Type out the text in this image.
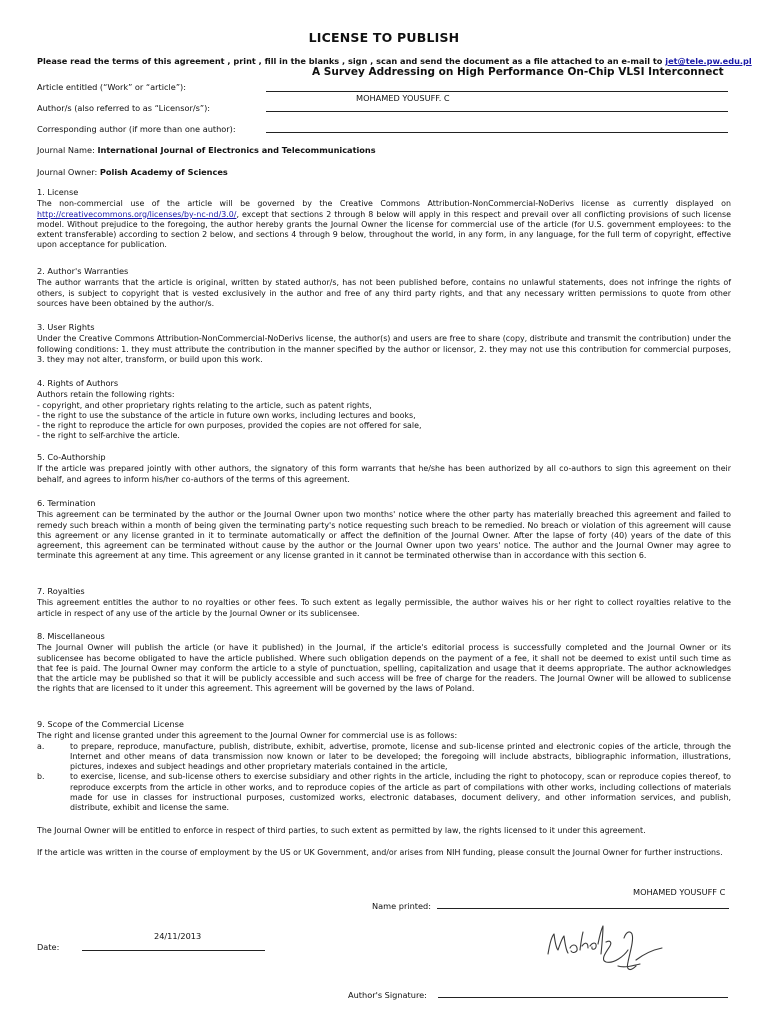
LICENSE TO PUBLISH
Please read the terms of this agreement , print , fill in the blanks , sign , scan and send the document as a file attached to an e-mail to jet@tele.pw.edu.pl
A Survey Addressing on High Performance On-Chip VLSI Interconnect
Article entitled (“Work” or “article”):
MOHAMED YOUSUFF. C
Author/s (also referred to as “Licensor/s”):
Corresponding author (if more than one author):
Journal Name: International Journal of Electronics and Telecommunications
Journal Owner: Polish Academy of Sciences
1. License

The non-commercial use of the article will be governed by the Creative Commons Attribution-NonCommercial-NoDerivs license as currently displayed on http://creativecommons.org/licenses/by-nc-nd/3.0/, except that sections 2 through 8 below will apply in this respect and prevail over all conflicting provisions of such license model. Without prejudice to the foregoing, the author hereby grants the Journal Owner the license for commercial use of the article (for U.S. government employees: to the extent transferable) according to section 2 below, and sections 4 through 9 below, throughout the world, in any form, in any language, for the full term of copyright, effective upon acceptance for publication.

2. Author's Warranties

The author warrants that the article is original, written by stated author/s, has not been published before, contains no unlawful statements, does not infringe the rights of others, is subject to copyright that is vested exclusively in the author and free of any third party rights, and that any necessary written permissions to quote from other sources have been obtained by the author/s.

3. User Rights

Under the Creative Commons Attribution-NonCommercial-NoDerivs license, the author(s) and users are free to share (copy, distribute and transmit the contribution) under the following conditions: 1. they must attribute the contribution in the manner specified by the author or licensor, 2. they may not use this contribution for commercial purposes, 3. they may not alter, transform, or build upon this work.

4. Rights of Authors

Authors retain the following rights:

- copyright, and other proprietary rights relating to the article, such as patent rights,
- the right to use the substance of the article in future own works, including lectures and books,
- the right to reproduce the article for own purposes, provided the copies are not offered for sale,
- the right to self-archive the article.
5. Co-Authorship

If the article was prepared jointly with other authors, the signatory of this form warrants that he/she has been authorized by all co-authors to sign this agreement on their behalf, and agrees to inform his/her co-authors of the terms of this agreement.

6. Termination

This agreement can be terminated by the author or the Journal Owner upon two months' notice where the other party has materially breached this agreement and failed to remedy such breach within a month of being given the terminating party's notice requesting such breach to be remedied. No breach or violation of this agreement will cause this agreement or any license granted in it to terminate automatically or affect the definition of the Journal Owner. After the lapse of forty (40) years of the date of this agreement, this agreement can be terminated without cause by the author or the Journal Owner upon two years' notice. The author and the Journal Owner may agree to terminate this agreement at any time. This agreement or any license granted in it cannot be terminated otherwise than in accordance with this section 6.

7. Royalties

This agreement entitles the author to no royalties or other fees. To such extent as legally permissible, the author waives his or her right to collect royalties relative to the article in respect of any use of the article by the Journal Owner or its sublicensee.

8. Miscellaneous

The Journal Owner will publish the article (or have it published) in the Journal, if the article's editorial process is successfully completed and the Journal Owner or its sublicensee has become obligated to have the article published. Where such obligation depends on the payment of a fee, it shall not be deemed to exist until such time as that fee is paid. The Journal Owner may conform the article to a style of punctuation, spelling, capitalization and usage that it deems appropriate. The author acknowledges that the article may be published so that it will be publicly accessible and such access will be free of charge for the readers. The Journal Owner will be allowed to sublicense the rights that are licensed to it under this agreement. This agreement will be governed by the laws of Poland.

9. Scope of the Commercial License

The right and license granted under this agreement to the Journal Owner for commercial use is as follows:

a.	to prepare, reproduce, manufacture, publish, distribute, exhibit, advertise, promote, license and sub-license printed and electronic copies of the article, through the Internet and other means of data transmission now known or later to be developed; the foregoing will include abstracts, bibliographic information, illustrations, pictures, indexes and subject headings and other proprietary materials contained in the article,
b.	to exercise, license, and sub-license others to exercise subsidiary and other rights in the article, including the right to photocopy, scan or reproduce copies thereof, to reproduce excerpts from the article in other works, and to reproduce copies of the article as part of compilations with other works, including collections of materials made for use in classes for instructional purposes, customized works, electronic databases, document delivery, and other information services, and publish, distribute, exhibit and license the same.

The Journal Owner will be entitled to enforce in respect of third parties, to such extent as permitted by law, the rights licensed to it under this agreement.

If the article was written in the course of employment by the US or UK Government, and/or arises from NIH funding, please consult the Journal Owner for further instructions.

MOHAMED YOUSUFF C
Name printed:
24/11/2013
Date:
Author's Signature:
